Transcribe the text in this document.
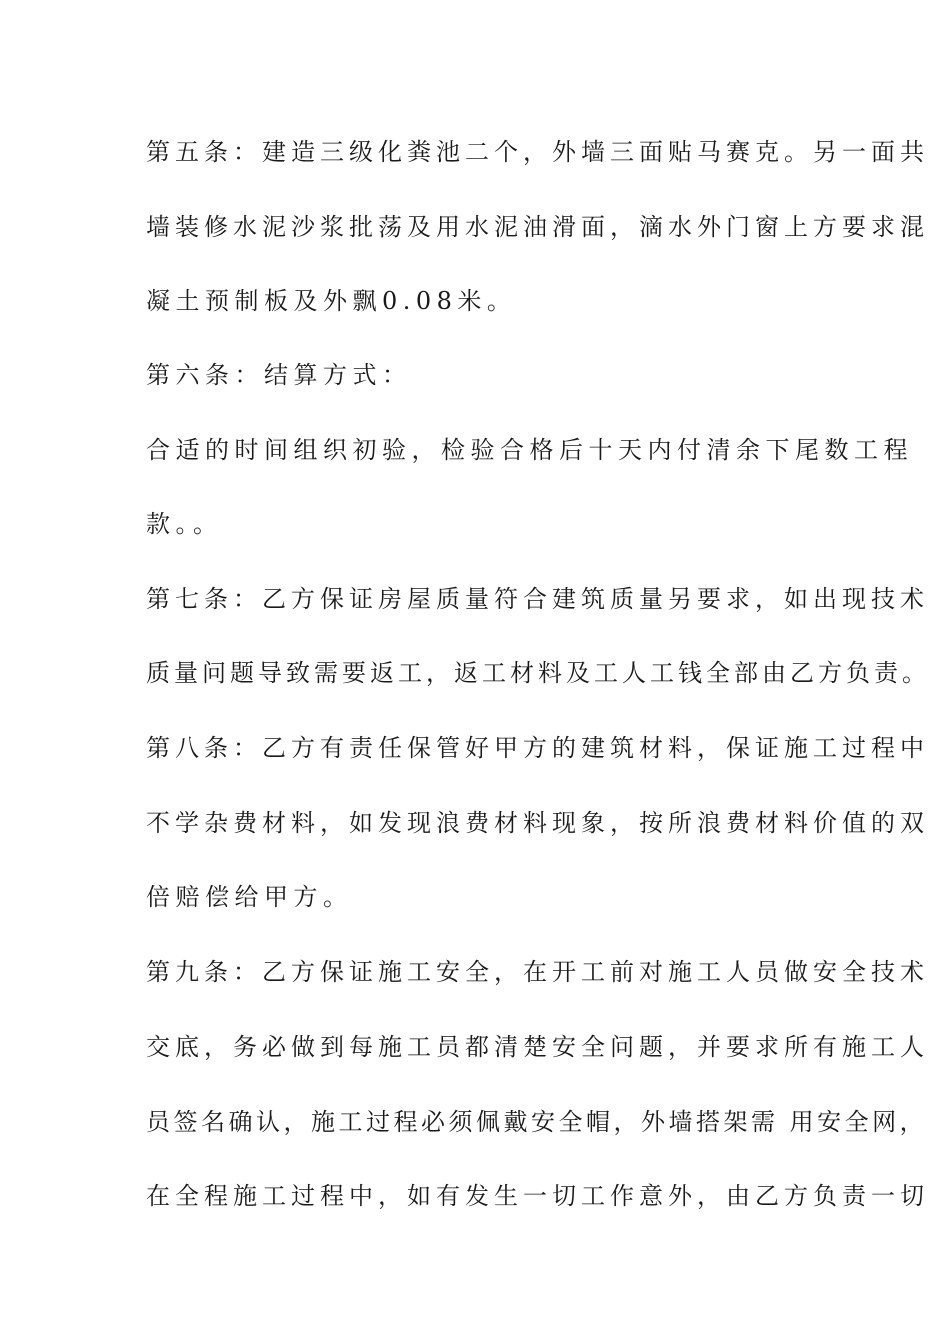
第五条：建造三级化粪池二个，外墙三面贴马赛克。另一面共
墙装修水泥沙浆批荡及用水泥油滑面，滴水外门窗上方要求混
凝土预制板及外飘0.08米。
第六条：结算方式：
合适的时间组织初验，检验合格后十天内付清余下尾数工程
款。。
第七条：乙方保证房屋质量符合建筑质量另要求，如出现技术
质量问题导致需要返工，返工材料及工人工钱全部由乙方负责。
第八条：乙方有责任保管好甲方的建筑材料，保证施工过程中
不学杂费材料，如发现浪费材料现象，按所浪费材料价值的双
倍赔偿给甲方。
第九条：乙方保证施工安全，在开工前对施工人员做安全技术
交底，务必做到每施工员都清楚安全问题，并要求所有施工人
员签名确认，施工过程必须佩戴安全帽，外墙搭架需 用安全网，
在全程施工过程中，如有发生一切工作意外，由乙方负责一切
